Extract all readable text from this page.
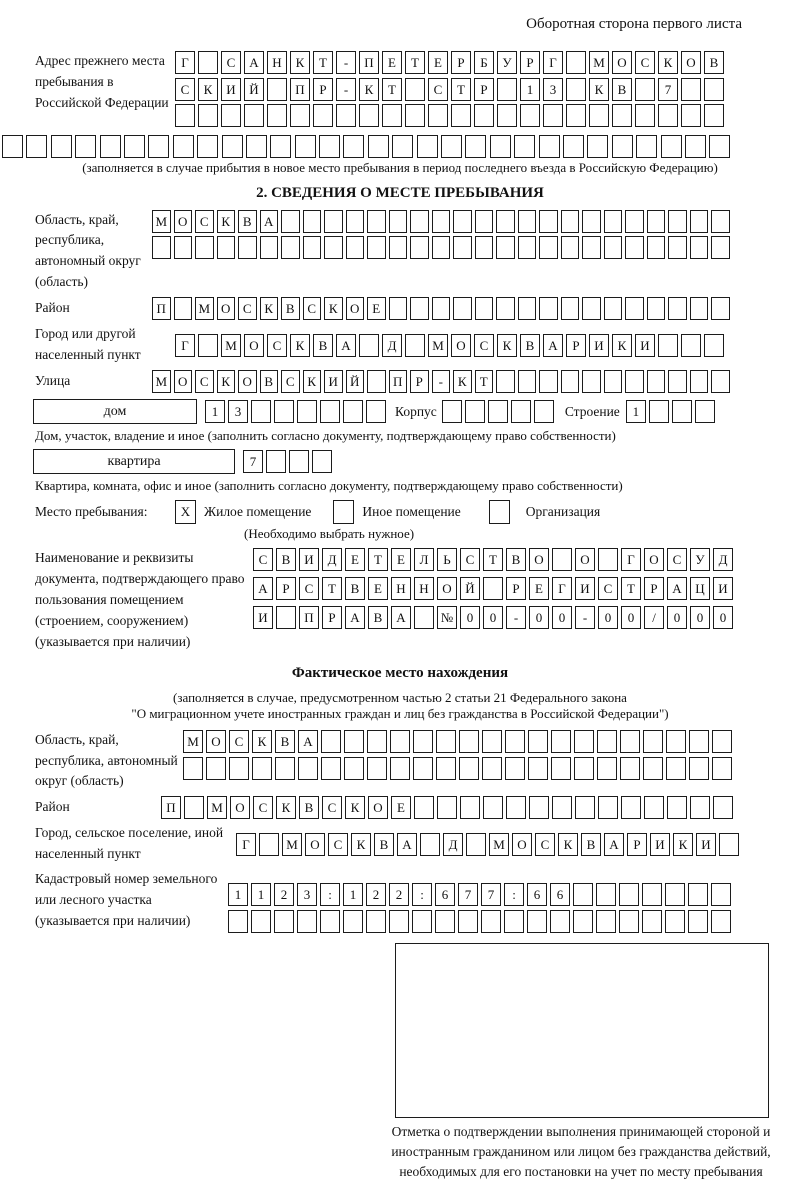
Оборотная сторона первого листа
Адрес прежнего места пребывания в Российской Федерации
Г	С	А	Н	К	Т	-	П	Е	Т	Е	Р	Б	У	Р	Г	М О	С	К	О	В
С	К	И	Й	П	Р	-	К	Т	С	Т	Р	1	3	К	В	7
(заполняется в случае прибытия в новое место пребывания в период последнего въезда в Российскую Федерацию)
2. СВЕДЕНИЯ О МЕСТЕ ПРЕБЫВАНИЯ
Область, край, республика, автономный округ (область)
М О С К В А
Район	П	М О С К В С К О Е
Город или другой населенный пункт
Г	М О	С	К	В	А	Д	М О	С	К	В	А	Р	И	К	И
Улица	М О С К О В С К И Й	П	Р	-	К	Т
дом	1	3	Корпус	Строение 1
Дом, участок, владение и иное (заполнить согласно документу, подтверждающему право собственности)
квартира	7
Квартира, комната, офис и иное (заполнить согласно документу, подтверждающему право собственности)
Место пребывания:	X	Жилое помещение	Иное помещение	Организация
(Необходимо выбрать нужное)
Наименование и реквизиты документа, подтверждающего право пользования помещением (строением, сооружением) (указывается при наличии)
С	В	И	Д	Е	Т	Е	Л	Ь	С	Т	В	О	О	Г	О	С	У	Д
А	Р	С	Т	В	Е	Н	Н	О	Й	Р	Е	Г	И	С	Т	Р	А	Ц	И
И	П	Р	А	В	А	№	0	0	-	0	0	-	0	0	/	0	0	0
Фактическое место нахождения
(заполняется в случае, предусмотренном частью 2 статьи 21 Федерального закона
"О миграционном учете иностранных граждан и лиц без гражданства в Российской Федерации")
Область, край, республика, автономный округ (область)
М О	С	К	В	А
Район	П	М О	С	К	В	С	К	О	Е
Город, сельское поселение, иной населенный пункт
Г	М О	С	К	В	А	Д	М О	С	К	В	А	Р	И	К	И
Кадастровый номер земельного или лесного участка (указывается при наличии)
1	1	2	3	:	1	2	2	:	6	7	7	:	6	6
Отметка о подтверждении выполнения принимающей стороной и иностранным гражданином или лицом без гражданства действий, необходимых для его постановки на учет по месту пребывания
